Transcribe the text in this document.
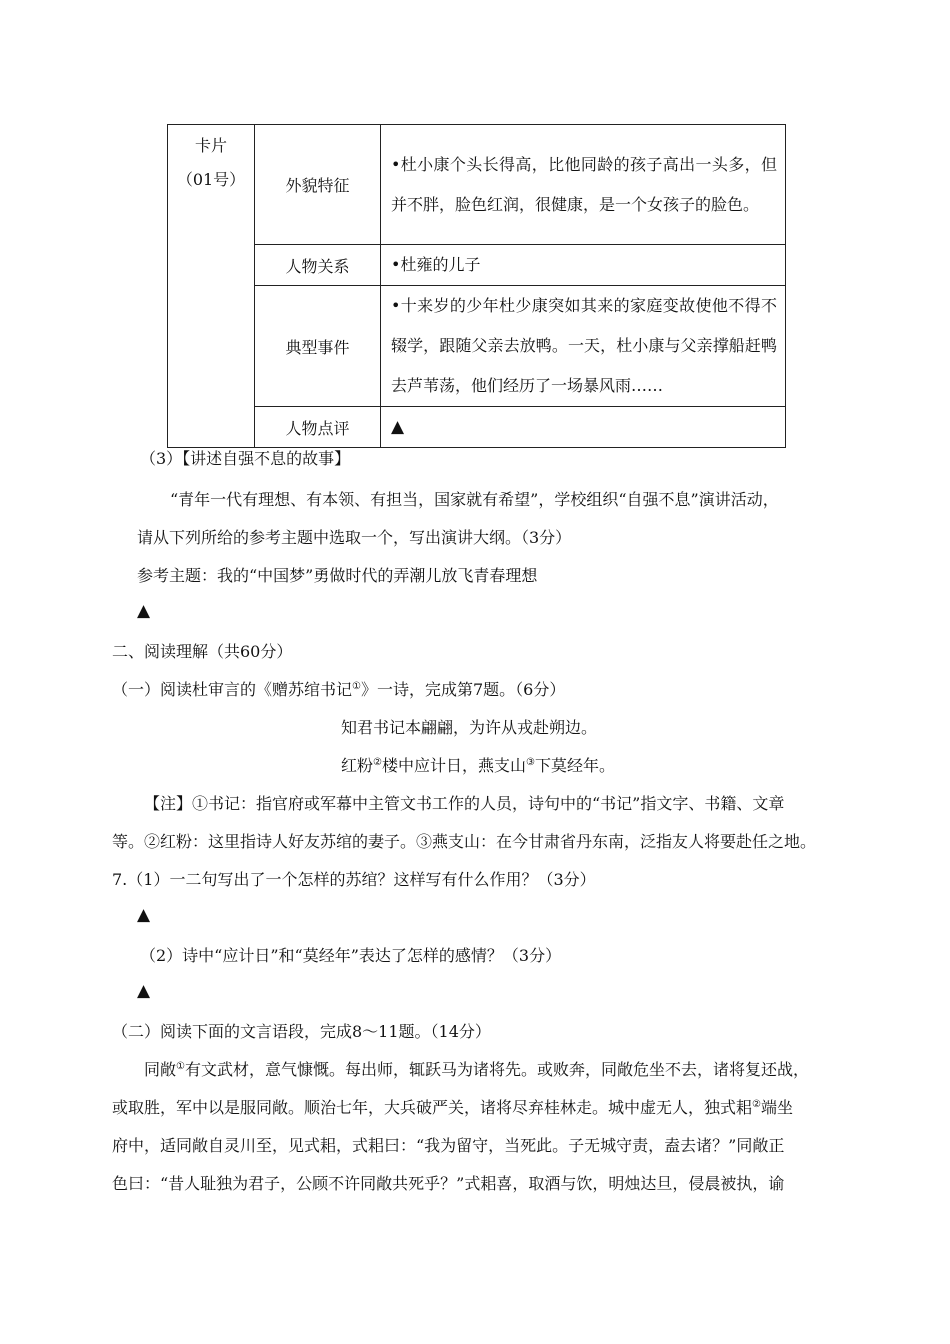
卡片
（01号）	外貌特征	•杜小康个头长得高，比他同龄的孩子高出一头多，但并不胖，脸色红润，很健康，是一个女孩子的脸色。
	人物关系	•杜雍的儿子
	典型事件	•十来岁的少年杜少康突如其来的家庭变故使他不得不辍学，跟随父亲去放鸭。一天，杜小康与父亲撑船赶鸭去芦苇荡，他们经历了一场暴风雨……
	人物点评	▲
（3）【讲述自强不息的故事】
“青年一代有理想、有本领、有担当，国家就有希望”，学校组织“自强不息”演讲活动，
请从下列所给的参考主题中选取一个，写出演讲大纲。（3分）
参考主题：我的“中国梦”勇做时代的弄潮儿放飞青春理想
▲
二、阅读理解（共60分）
（一）阅读杜审言的《赠苏绾书记①》一诗，完成第7题。（6分）
知君书记本翩翩，为许从戎赴朔边。
红粉②楼中应计日，燕支山③下莫经年。
【注】①书记：指官府或军幕中主管文书工作的人员，诗句中的“书记”指文字、书籍、文章
等。②红粉：这里指诗人好友苏绾的妻子。③燕支山：在今甘肃省丹东南，泛指友人将要赴任之地。
7.（1）一二句写出了一个怎样的苏绾？这样写有什么作用？（3分）
▲
（2）诗中“应计日”和“莫经年”表达了怎样的感情？（3分）
▲
（二）阅读下面的文言语段，完成8～11题。（14分）
同敞①有文武材，意气慷慨。每出师，辄跃马为诸将先。或败奔，同敞危坐不去，诸将复还战，
或取胜，军中以是服同敞。顺治七年，大兵破严关，诸将尽弃桂林走。城中虚无人，独式耜②端坐
府中，适同敞自灵川至，见式耜，式耜曰：“我为留守，当死此。子无城守责，盍去诸？”同敞正
色曰：“昔人耻独为君子，公顾不许同敞共死乎？”式耜喜，取酒与饮，明烛达旦，侵晨被执，谕
